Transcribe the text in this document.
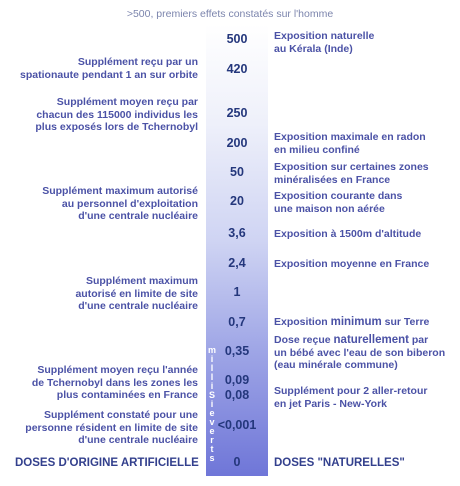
>500, premiers effets constatés sur l'homme
500
420
250
200
50
20
3,6
2,4
1
0,7
0,35
0,09
0,08
<0,001
0
m
i
l
l
i
S
i
e
v
e
r
t
s
Supplément reçu par un
spationaute pendant 1 an sur orbite
Supplément moyen reçu par
chacun des 115000 individus les
plus exposés lors de Tchernobyl
Supplément maximum autorisé
au personnel d'exploitation
d'une centrale nucléaire
Supplément maximum
autorisé en limite de site
d'une centrale nucléaire
Supplément moyen reçu l'année
de Tchernobyl dans les zones les
plus contaminées en France
Supplément constaté pour une
personne résident en limite de site
d'une centrale nucléaire
Exposition naturelle
au Kérala (Inde)
Exposition maximale en radon
en milieu confiné
Exposition sur certaines zones
minéralisées en France
Exposition courante dans
une maison non aérée
Exposition à 1500m d'altitude
Exposition moyenne en France
Exposition minimum sur Terre
Dose reçue naturellement par
un bébé avec l'eau de son biberon
(eau minérale commune)
Supplément pour 2 aller-retour
en jet Paris - New-York
DOSES D'ORIGINE ARTIFICIELLE	DOSES "NATURELLES"
